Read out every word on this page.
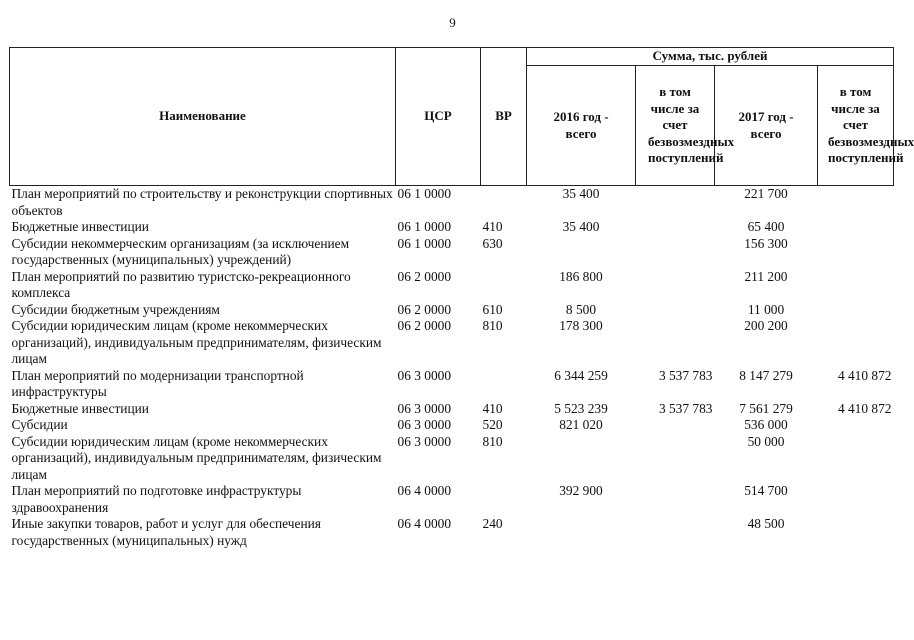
9
Наименование	ЦСР	ВР	Сумма, тыс. рублей			
			2016 год - всего	в том числе за счет безвозмездных поступлений	2017 год - всего	в том числе за счет безвозмездных поступлений
План мероприятий по строительству и реконструкции спортивных объектов	06 1 0000		35 400		221 700	
Бюджетные инвестиции	06 1 0000	410	35 400		65 400	
Субсидии некоммерческим организациям (за исключением государственных (муниципальных) учреждений)	06 1 0000	630			156 300	
План мероприятий по развитию туристско-рекреационного комплекса	06 2 0000		186 800		211 200	
Субсидии бюджетным учреждениям	06 2 0000	610	8 500		11 000	
Субсидии юридическим лицам (кроме некоммерческих организаций), индивидуальным предпринимателям, физическим лицам	06 2 0000	810	178 300		200 200	
План мероприятий по модернизации транспортной инфраструктуры	06 3 0000		6 344 259	3 537 783	8 147 279	4 410 872
Бюджетные инвестиции	06 3 0000	410	5 523 239	3 537 783	7 561 279	4 410 872
Субсидии	06 3 0000	520	821 020		536 000	
Субсидии юридическим лицам (кроме некоммерческих организаций), индивидуальным предпринимателям, физическим лицам	06 3 0000	810			50 000	
План мероприятий по подготовке инфраструктуры здравоохранения	06 4 0000		392 900		514 700	
Иные закупки товаров, работ и услуг для обеспечения государственных (муниципальных) нужд	06 4 0000	240			48 500	
